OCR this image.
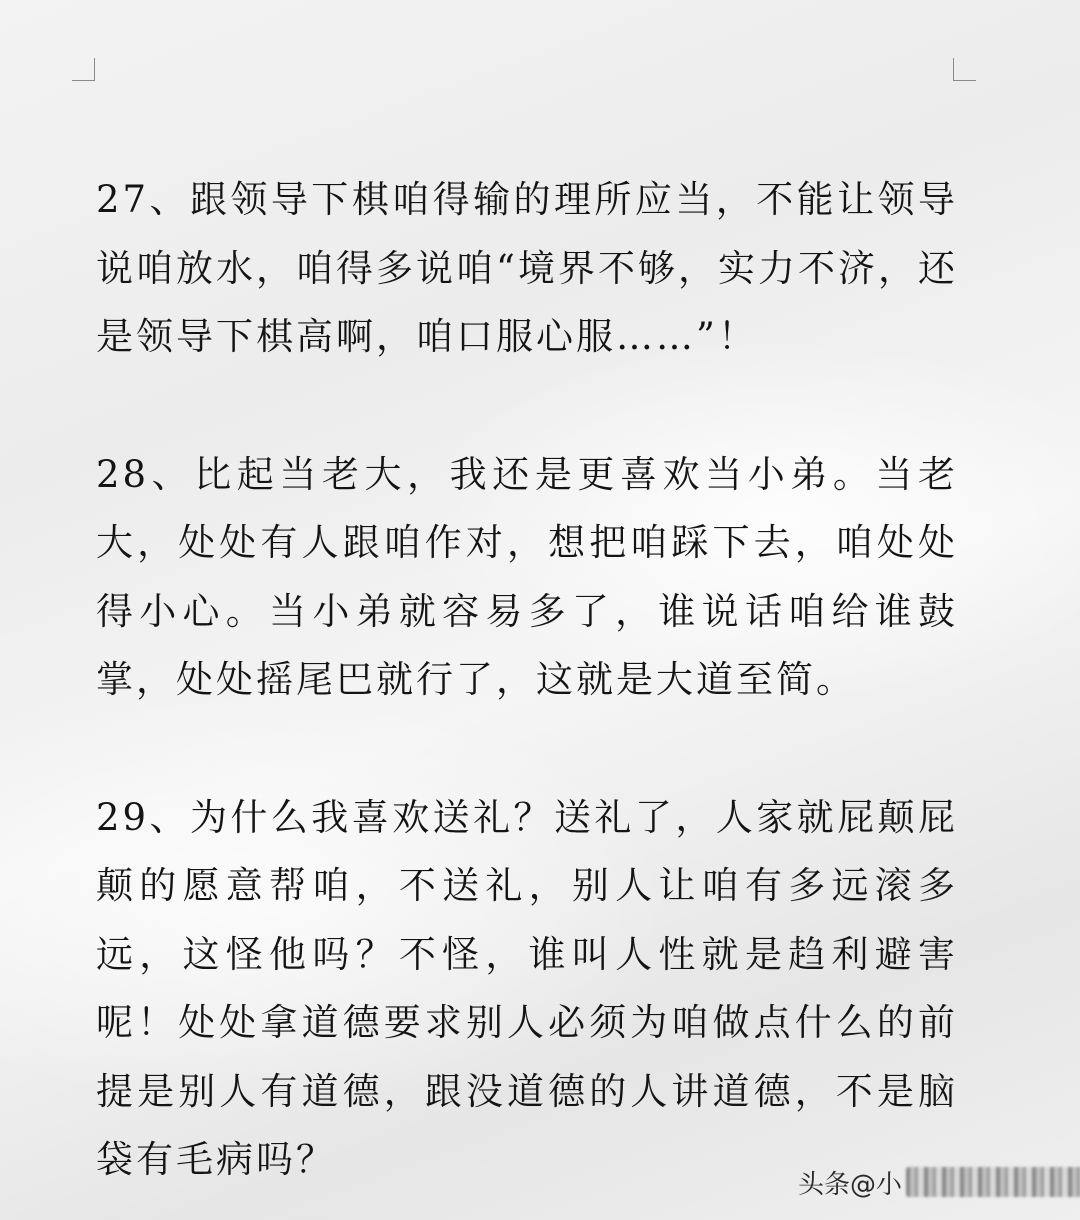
27、跟领导下棋咱得输的理所应当，不能让领导说咱放水，咱得多说咱“境界不够，实力不济，还是领导下棋高啊，咱口服心服……”！

28、比起当老大，我还是更喜欢当小弟。当老大，处处有人跟咱作对，想把咱踩下去，咱处处得小心。当小弟就容易多了，谁说话咱给谁鼓掌，处处摇尾巴就行了，这就是大道至简。

29、为什么我喜欢送礼？送礼了，人家就屁颠屁颠的愿意帮咱，不送礼，别人让咱有多远滚多远，这怪他吗？不怪，谁叫人性就是趋利避害呢！处处拿道德要求别人必须为咱做点什么的前提是别人有道德，跟没道德的人讲道德，不是脑袋有毛病吗？

头条@小
